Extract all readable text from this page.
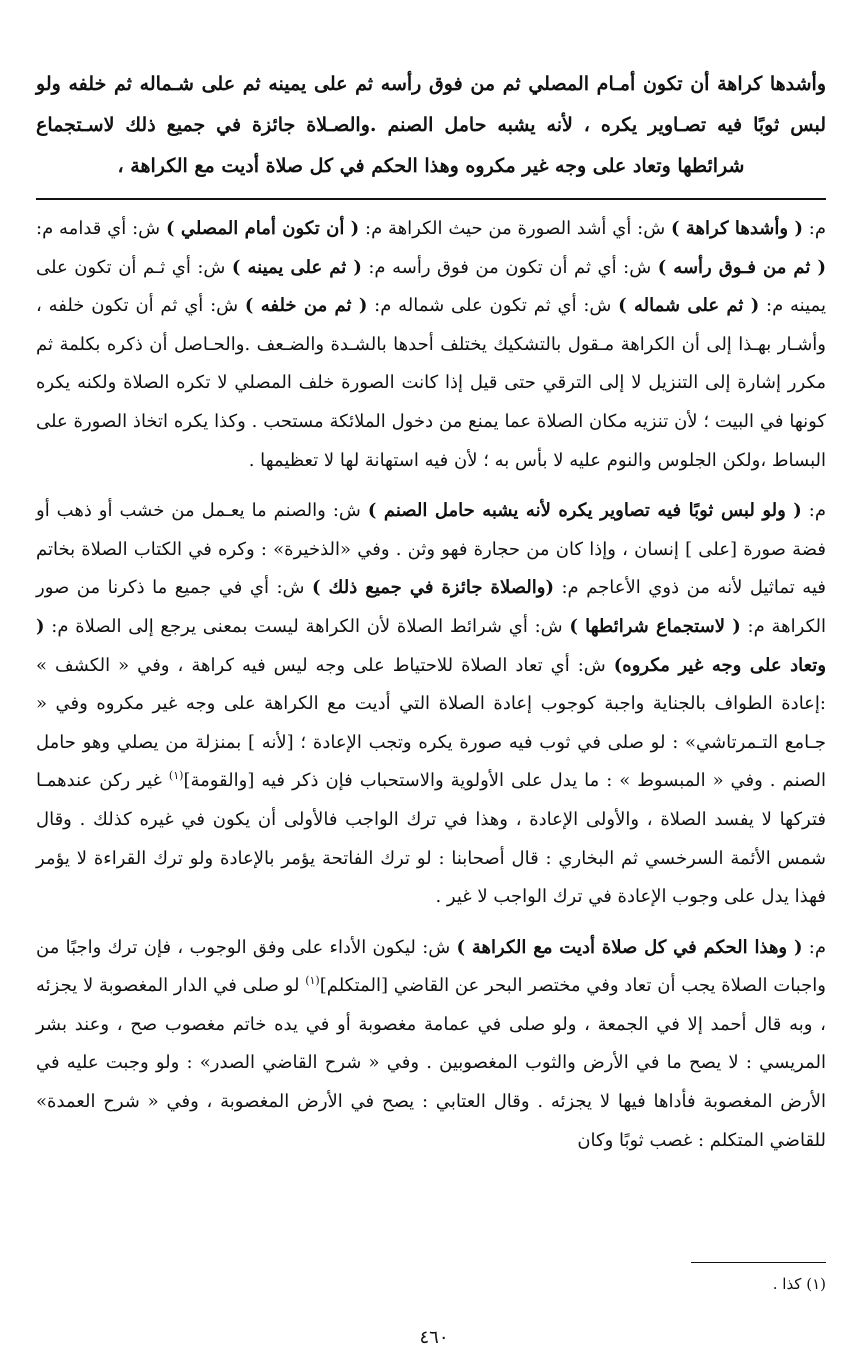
وأشدها كراهة أن تكون أمـام المصلي ثم من فوق رأسه ثم على يمينه ثم على شـماله ثم خلفه ولو لبس ثوبًا فيه تصـاوير يكره ، لأنه يشبه حامل الصنم .والصـلاة جائزة في جميع ذلك لاسـتجماع شرائطها وتعاد على وجه غير مكروه وهذا الحكم في كل صلاة أديت مع الكراهة ،

م: ( وأشدها كراهة ) ش: أي أشد الصورة من حيث الكراهة م: ( أن تكون أمام المصلي ) ش: أي قدامه م: ( ثم من فـوق رأسه ) ش: أي ثم أن تكون من فوق رأسه م: ( ثم على يمينه ) ش: أي ثـم أن تكون على يمينه م: ( ثم على شماله ) ش: أي ثم تكون على شماله م: ( ثم من خلفه ) ش: أي ثم أن تكون خلفه ، وأشـار بهـذا إلى أن الكراهة مـقول بالتشكيك يختلف أحدها بالشـدة والضـعف .والحـاصل أن ذكره بكلمة ثم مكرر إشارة إلى التنزيل لا إلى الترقي حتى قيل إذا كانت الصورة خلف المصلي لا تكره الصلاة ولكنه يكره كونها في البيت ؛ لأن تنزيه مكان الصلاة عما يمنع من دخول الملائكة مستحب . وكذا يكره اتخاذ الصورة على البساط ،ولكن الجلوس والنوم عليه لا بأس به ؛ لأن فيه استهانة لها لا تعظيمها .

م: ( ولو لبس ثوبًا فيه تصاوير يكره لأنه يشبه حامل الصنم ) ش: والصنم ما يعـمل من خشب أو ذهب أو فضة صورة [على ] إنسان ، وإذا كان من حجارة فهو وثن . وفي «الذخيرة» : وكره في الكتاب الصلاة بخاتم فيه تماثيل لأنه من ذوي الأعاجم م: (والصلاة جائزة في جميع ذلك ) ش: أي في جميع ما ذكرنا من صور الكراهة م: ( لاستجماع شرائطها ) ش: أي شرائط الصلاة لأن الكراهة ليست بمعنى يرجع إلى الصلاة م: ( وتعاد على وجه غير مكروه) ش: أي تعاد الصلاة للاحتياط على وجه ليس فيه كراهة ، وفي « الكشف » :إعادة الطواف بالجناية واجبة كوجوب إعادة الصلاة التي أديت مع الكراهة على وجه غير مكروه وفي « جـامع التـمرتاشي» : لو صلى في ثوب فيه صورة يكره وتجب الإعادة ؛ [لأنه ] بمنزلة من يصلي وهو حامل الصنم . وفي « المبسوط » : ما يدل على الأولوية والاستحباب فإن ذكر فيه [والقومة]$^{(١)}$ غير ركن عندهمـا فتركها لا يفسد الصلاة ، والأولى الإعادة ، وهذا في ترك الواجب فالأولى أن يكون في غيره كذلك . وقال شمس الأئمة السرخسي ثم البخاري : قال أصحابنا : لو ترك الفاتحة يؤمر بالإعادة ولو ترك القراءة لا يؤمر فهذا يدل على وجوب الإعادة في ترك الواجب لا غير .

م: ( وهذا الحكم في كل صلاة أديت مع الكراهة ) ش: ليكون الأداء على وفق الوجوب ، فإن ترك واجبًا من واجبات الصلاة يجب أن تعاد وفي مختصر البحر عن القاضي [المتكلم]$^{(١)}$ لو صلى في الدار المغصوبة لا يجزئه ، وبه قال أحمد إلا في الجمعة ، ولو صلى في عمامة مغصوبة أو في يده خاتم مغصوب صح ، وعند بشر المريسي : لا يصح ما في الأرض والثوب المغصوبين . وفي « شرح القاضي الصدر» : ولو وجبت عليه في الأرض المغصوبة فأداها فيها لا يجزئه . وقال العتابي : يصح في الأرض المغصوبة ، وفي « شرح العمدة» للقاضي المتكلم : غصب ثوبًا وكان

(١) كذا .
٤٦٠
